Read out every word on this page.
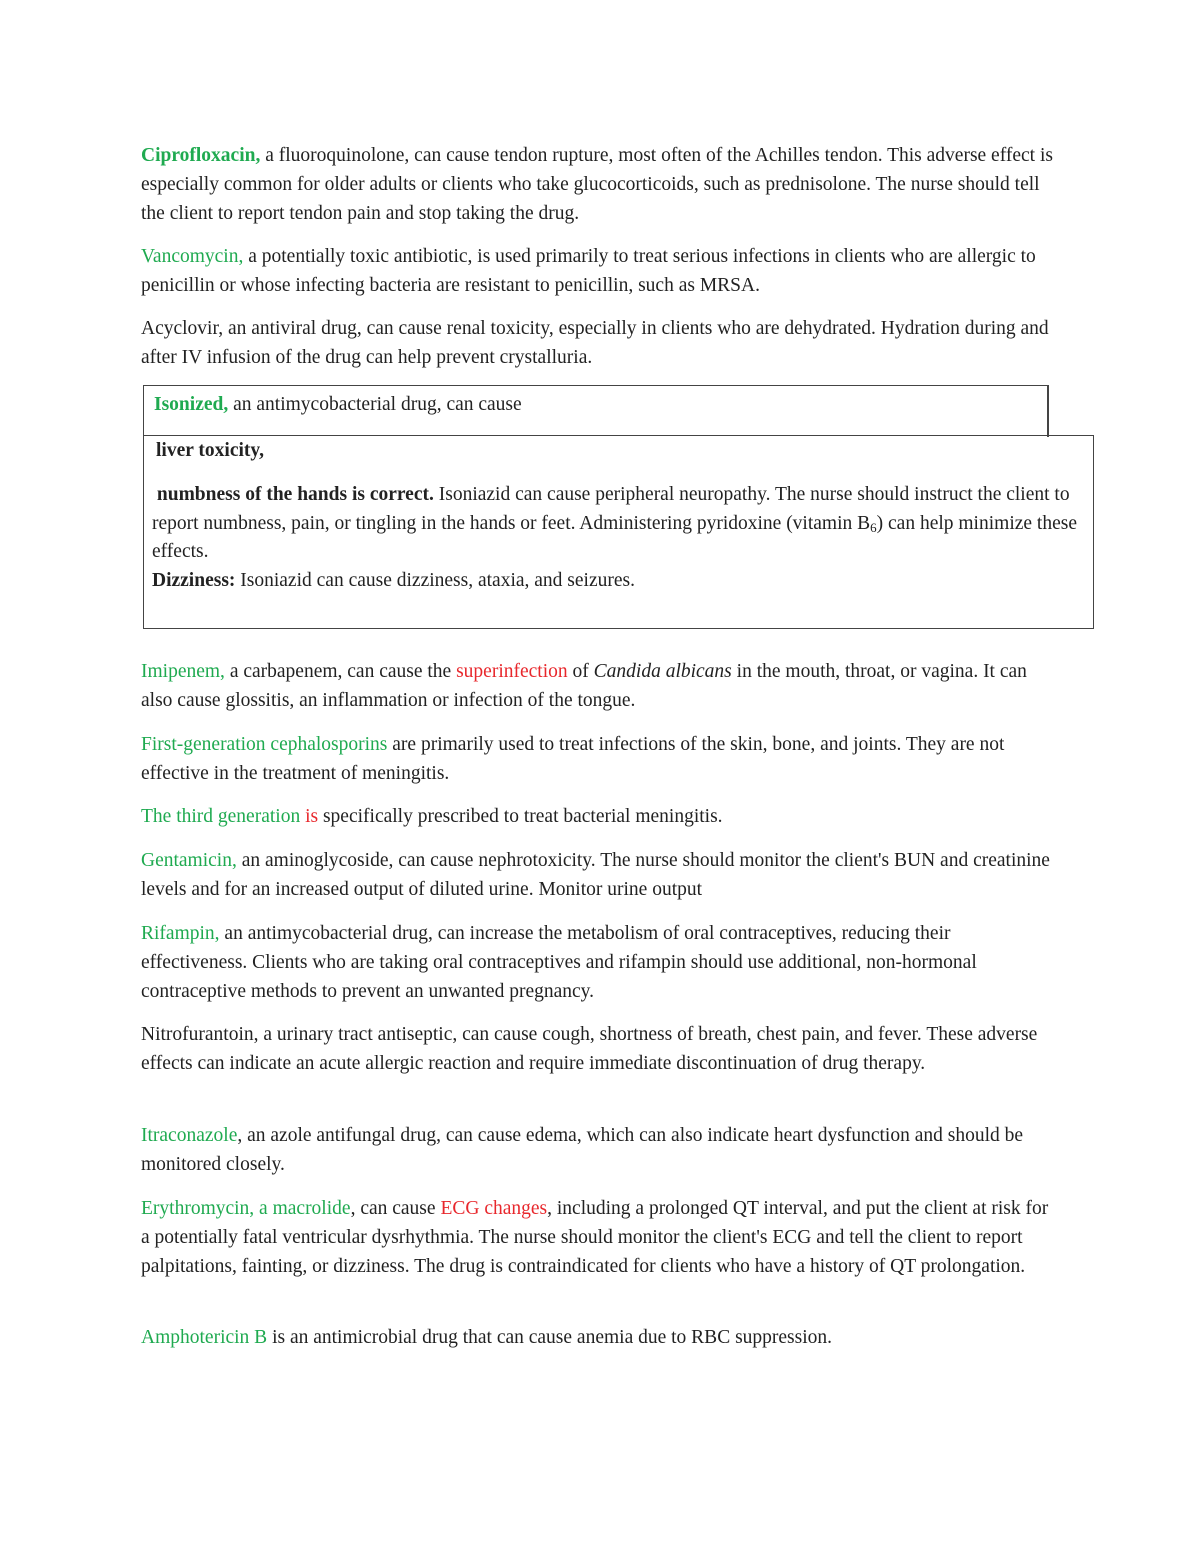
Ciprofloxacin, a fluoroquinolone, can cause tendon rupture, most often of the Achilles tendon. This adverse effect is especially common for older adults or clients who take glucocorticoids, such as prednisolone. The nurse should tell the client to report tendon pain and stop taking the drug.

Vancomycin, a potentially toxic antibiotic, is used primarily to treat serious infections in clients who are allergic to penicillin or whose infecting bacteria are resistant to penicillin, such as MRSA.

Acyclovir, an antiviral drug, can cause renal toxicity, especially in clients who are dehydrated. Hydration during and after IV infusion of the drug can help prevent crystalluria.

Isonized, an antimycobacterial drug, can cause

liver toxicity,

numbness of the hands is correct. Isoniazid can cause peripheral neuropathy. The nurse should instruct the client to report numbness, pain, or tingling in the hands or feet. Administering pyridoxine (vitamin $B_6$) can help minimize these effects.

Dizziness: Isoniazid can cause dizziness, ataxia, and seizures.

Imipenem, a carbapenem, can cause the superinfection of Candida albicans in the mouth, throat, or vagina. It can also cause glossitis, an inflammation or infection of the tongue.

First-generation cephalosporins are primarily used to treat infections of the skin, bone, and joints. They are not effective in the treatment of meningitis.

The third generation is specifically prescribed to treat bacterial meningitis.

Gentamicin, an aminoglycoside, can cause nephrotoxicity. The nurse should monitor the client's BUN and creatinine levels and for an increased output of diluted urine. Monitor urine output

Rifampin, an antimycobacterial drug, can increase the metabolism of oral contraceptives, reducing their effectiveness. Clients who are taking oral contraceptives and rifampin should use additional, non-hormonal contraceptive methods to prevent an unwanted pregnancy.

Nitrofurantoin, a urinary tract antiseptic, can cause cough, shortness of breath, chest pain, and fever. These adverse effects can indicate an acute allergic reaction and require immediate discontinuation of drug therapy.

Itraconazole, an azole antifungal drug, can cause edema, which can also indicate heart dysfunction and should be monitored closely.

Erythromycin, a macrolide, can cause ECG changes, including a prolonged QT interval, and put the client at risk for a potentially fatal ventricular dysrhythmia. The nurse should monitor the client's ECG and tell the client to report palpitations, fainting, or dizziness. The drug is contraindicated for clients who have a history of QT prolongation.

Amphotericin B is an antimicrobial drug that can cause anemia due to RBC suppression.
